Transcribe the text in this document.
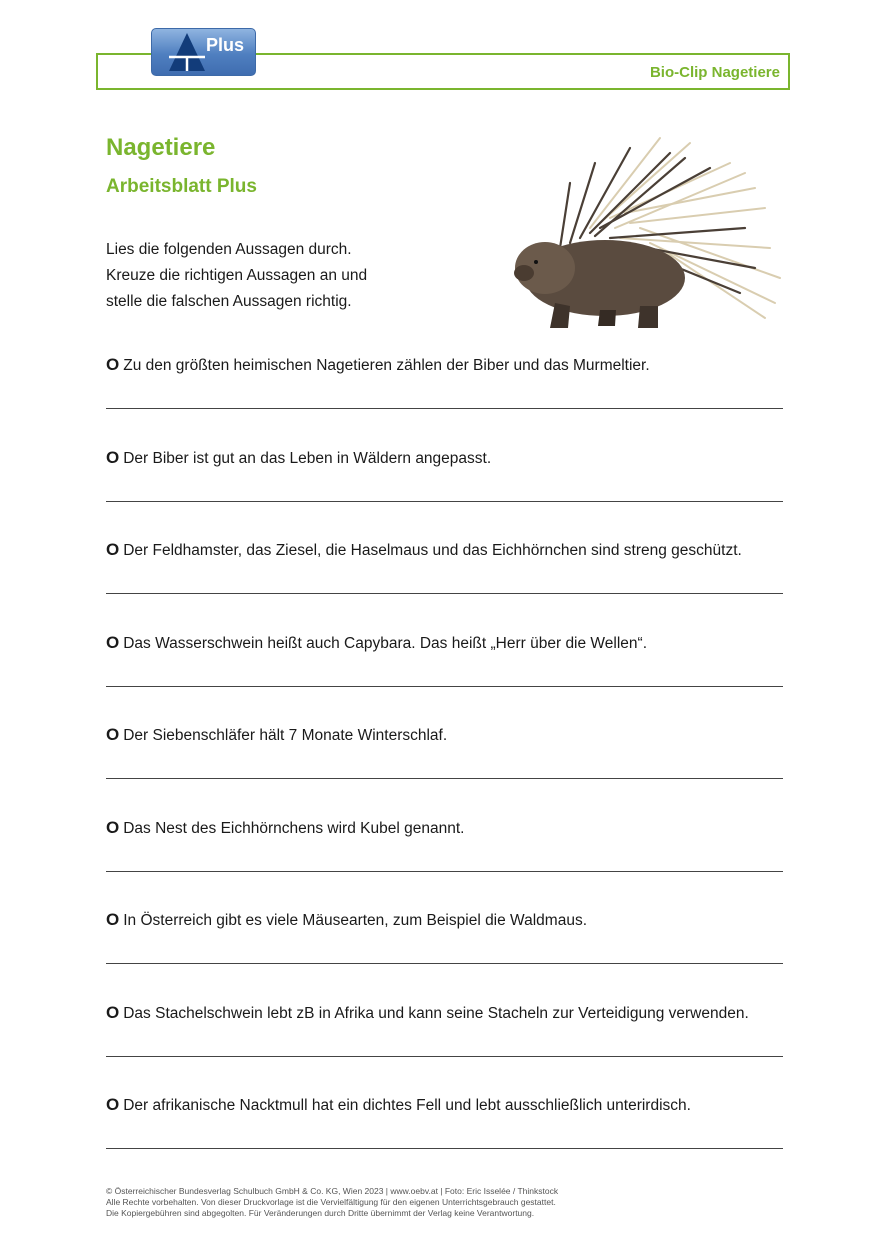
Bio-Clip Nagetiere
Plus
Nagetiere
Arbeitsblatt Plus
Lies die folgenden Aussagen durch.
Kreuze die richtigen Aussagen an und
stelle die falschen Aussagen richtig.
O Zu den größten heimischen Nagetieren zählen der Biber und das Murmeltier.
O Der Biber ist gut an das Leben in Wäldern angepasst.
O Der Feldhamster, das Ziesel, die Haselmaus und das Eichhörnchen sind streng geschützt.
O Das Wasserschwein heißt auch Capybara. Das heißt „Herr über die Wellen“.
O Der Siebenschläfer hält 7 Monate Winterschlaf.
O Das Nest des Eichhörnchens wird Kubel genannt.
O In Österreich gibt es viele Mäusearten, zum Beispiel die Waldmaus.
O Das Stachelschwein lebt zB in Afrika und kann seine Stacheln zur Verteidigung verwenden.
O Der afrikanische Nacktmull hat ein dichtes Fell und lebt ausschließlich unterirdisch.
© Österreichischer Bundesverlag Schulbuch GmbH & Co. KG, Wien 2023 | www.oebv.at | Foto: Eric Isselée / Thinkstock
Alle Rechte vorbehalten. Von dieser Druckvorlage ist die Vervielfältigung für den eigenen Unterrichtsgebrauch gestattet.
Die Kopiergebühren sind abgegolten. Für Veränderungen durch Dritte übernimmt der Verlag keine Verantwortung.
